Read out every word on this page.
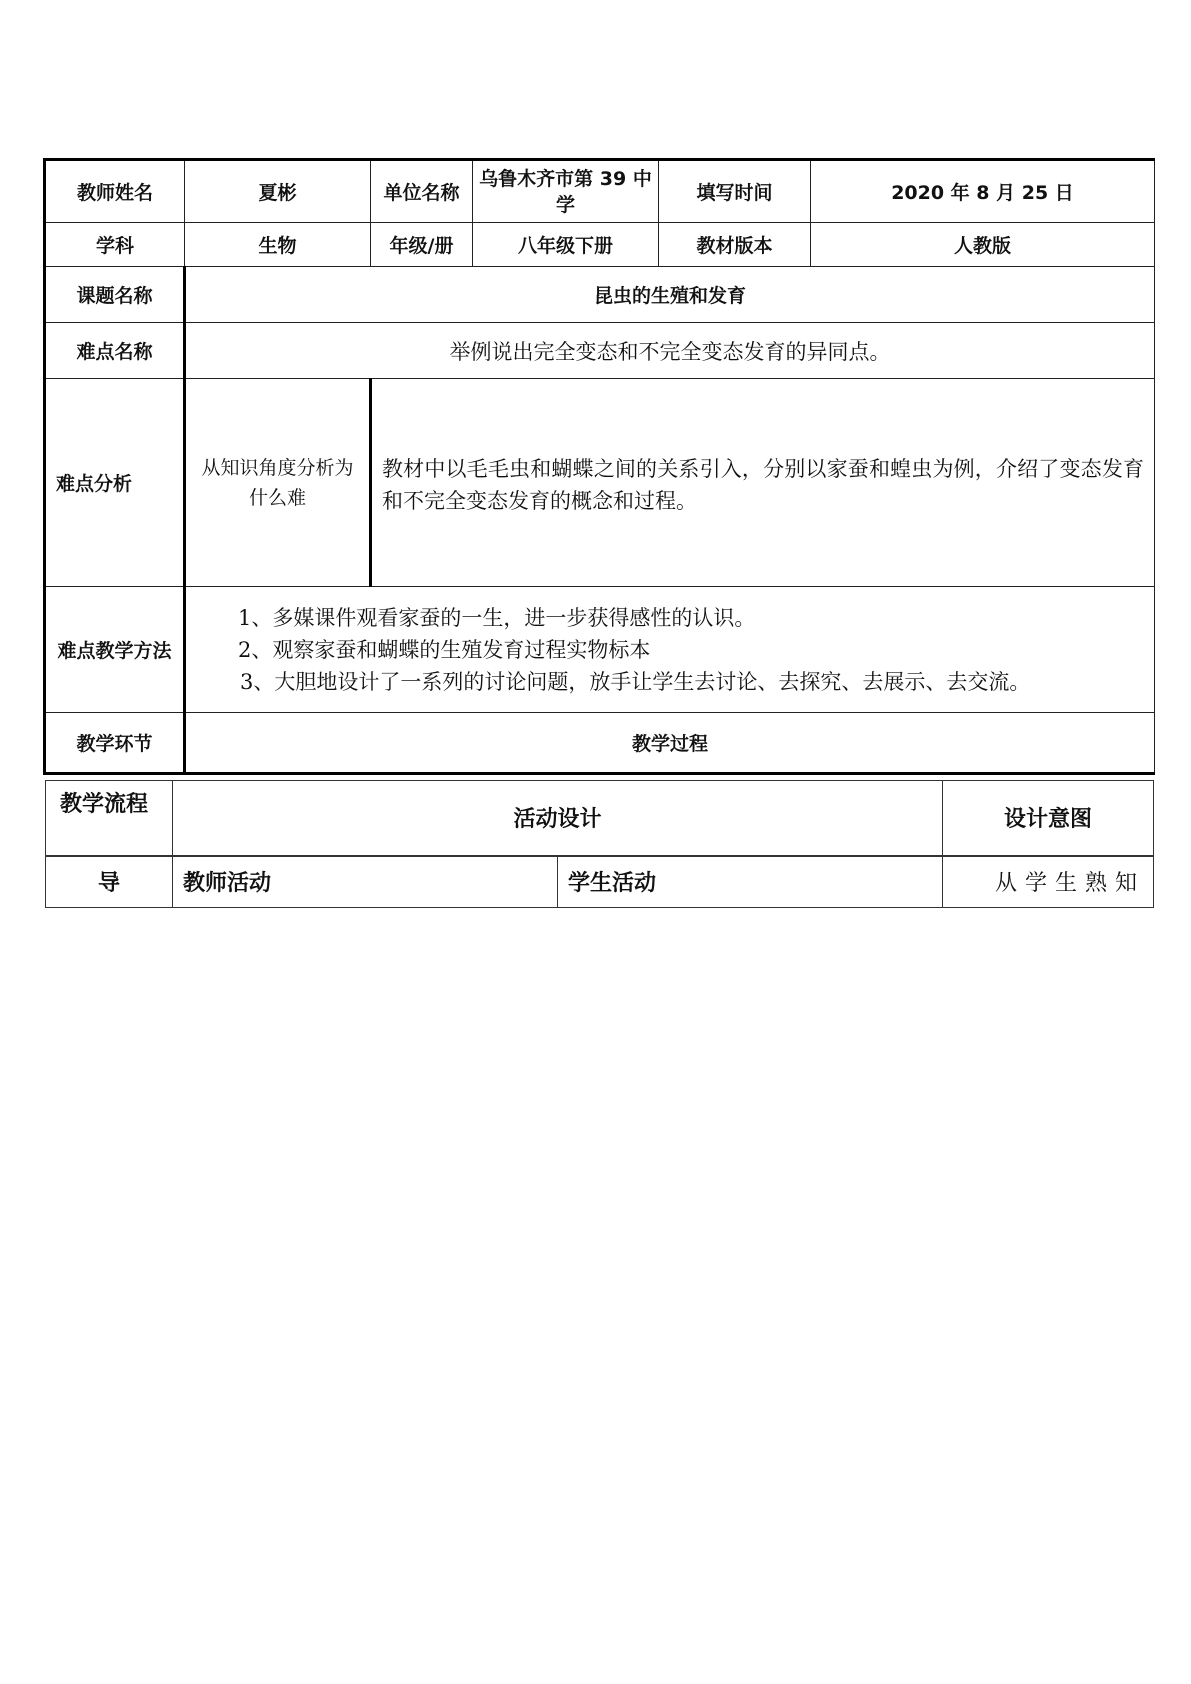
教师姓名	夏彬	单位名称	乌鲁木齐市第 39 中学	填写时间	2020 年 8 月 25 日
学科	生物	年级/册	八年级下册	教材版本	人教版
课题名称	昆虫的生殖和发育				
难点名称	举例说出完全变态和不完全变态发育的异同点。				
难点分析	从知识角度分析为什么难	教材中以毛毛虫和蝴蝶之间的关系引入，分别以家蚕和蝗虫为例，介绍了变态发育和不完全变态发育的概念和过程。			
难点教学方法	1、多媒课件观看家蚕的一生，进一步获得感性的认识。

2、观察家蚕和蝴蝶的生殖发育过程实物标本

3、大胆地设计了一系列的讨论问题，放手让学生去讨论、去探究、去展示、去交流。				

教学环节	教学过程				
教学流程	活动设计		设计意图
导	教师活动	学生活动	从学生熟知
